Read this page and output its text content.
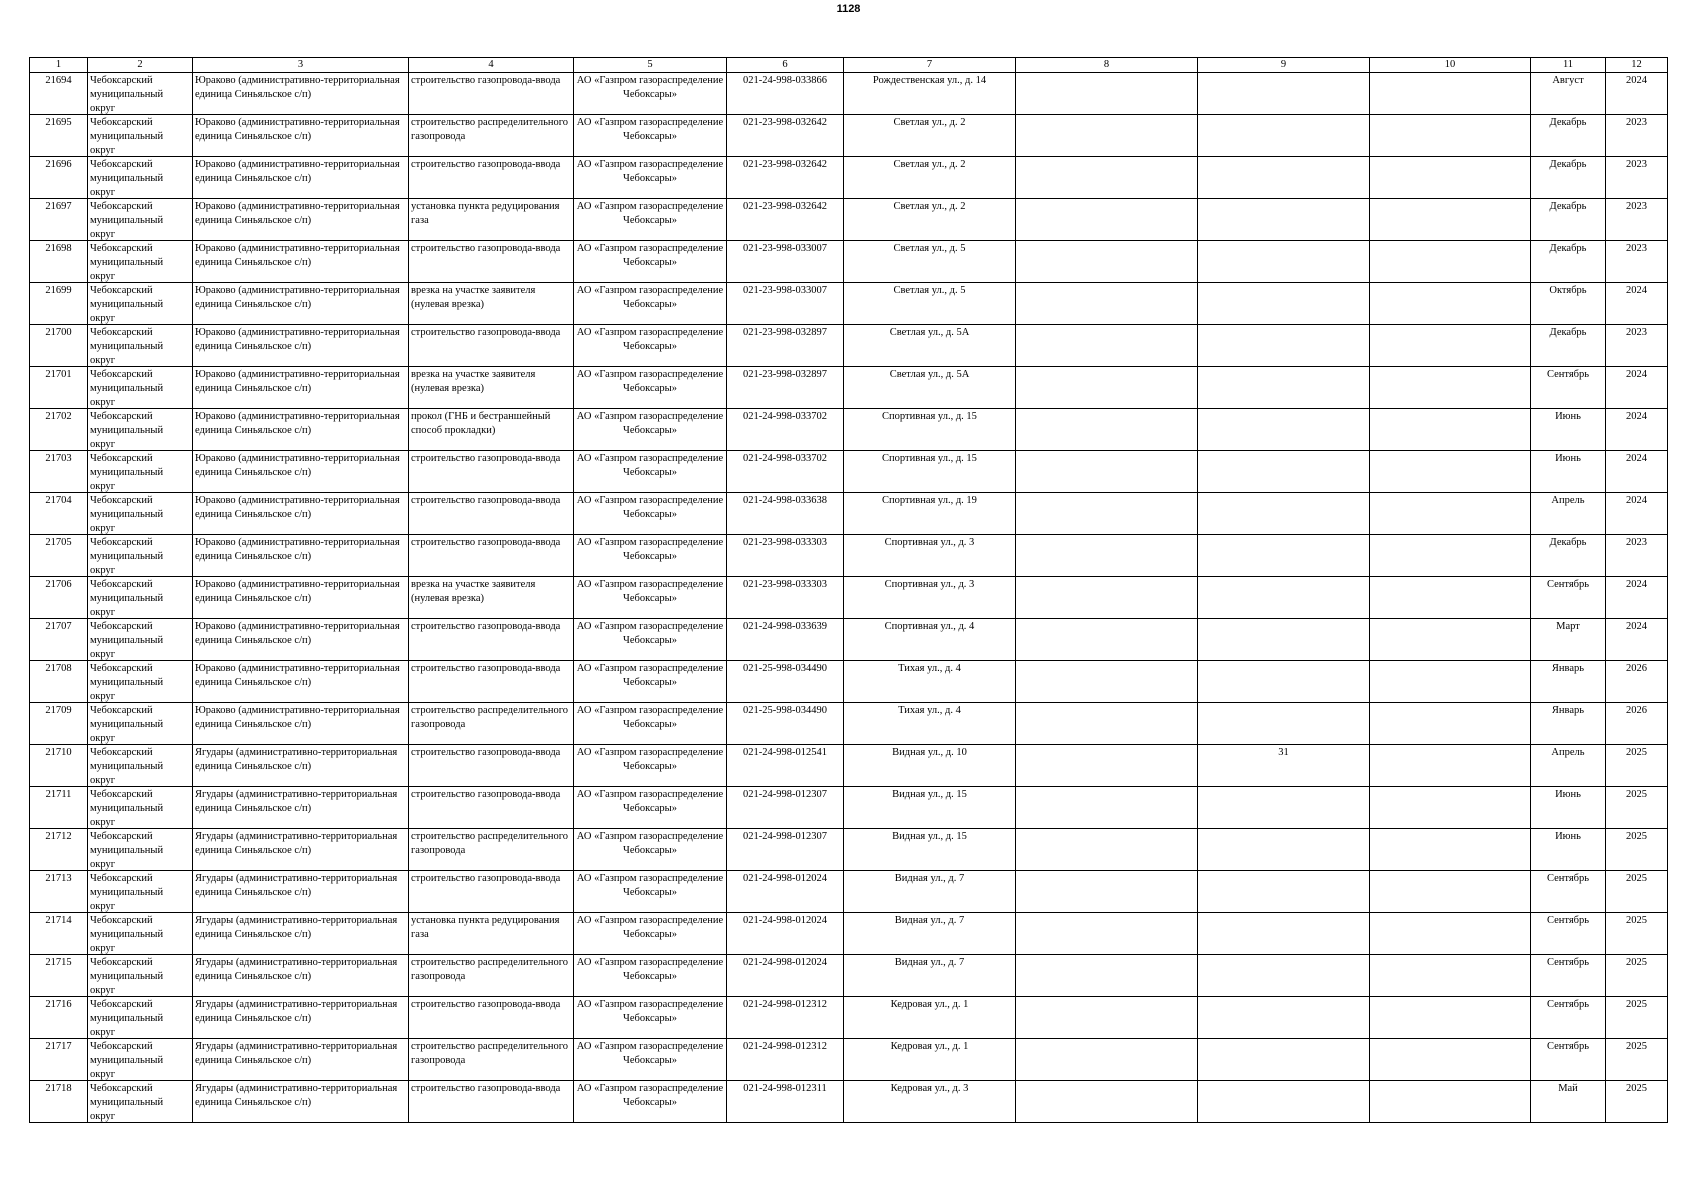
1128
1	2	3	4	5	6	7	8	9	10	11	12

21694	Чебоксарский муниципальный округ	Юраково (административно-территориальная единица Синьяльское с/п)	строительство газопровода-ввода	АО «Газпром газораспределение Чебоксары»	021-24-998-033866	Рождественская ул., д. 14				Август	2024

21695	Чебоксарский муниципальный округ	Юраково (административно-территориальная единица Синьяльское с/п)	строительство распределительного газопровода	АО «Газпром газораспределение Чебоксары»	021-23-998-032642	Светлая ул., д. 2				Декабрь	2023

21696	Чебоксарский муниципальный округ	Юраково (административно-территориальная единица Синьяльское с/п)	строительство газопровода-ввода	АО «Газпром газораспределение Чебоксары»	021-23-998-032642	Светлая ул., д. 2				Декабрь	2023

21697	Чебоксарский муниципальный округ	Юраково (административно-территориальная единица Синьяльское с/п)	установка пункта редуцирования газа	АО «Газпром газораспределение Чебоксары»	021-23-998-032642	Светлая ул., д. 2				Декабрь	2023

21698	Чебоксарский муниципальный округ	Юраково (административно-территориальная единица Синьяльское с/п)	строительство газопровода-ввода	АО «Газпром газораспределение Чебоксары»	021-23-998-033007	Светлая ул., д. 5				Декабрь	2023

21699	Чебоксарский муниципальный округ	Юраково (административно-территориальная единица Синьяльское с/п)	врезка на участке заявителя (нулевая врезка)	АО «Газпром газораспределение Чебоксары»	021-23-998-033007	Светлая ул., д. 5				Октябрь	2024

21700	Чебоксарский муниципальный округ	Юраково (административно-территориальная единица Синьяльское с/п)	строительство газопровода-ввода	АО «Газпром газораспределение Чебоксары»	021-23-998-032897	Светлая ул., д. 5А				Декабрь	2023

21701	Чебоксарский муниципальный округ	Юраково (административно-территориальная единица Синьяльское с/п)	врезка на участке заявителя (нулевая врезка)	АО «Газпром газораспределение Чебоксары»	021-23-998-032897	Светлая ул., д. 5А				Сентябрь	2024

21702	Чебоксарский муниципальный округ	Юраково (административно-территориальная единица Синьяльское с/п)	прокол (ГНБ и бестраншейный способ прокладки)	АО «Газпром газораспределение Чебоксары»	021-24-998-033702	Спортивная ул., д. 15				Июнь	2024

21703	Чебоксарский муниципальный округ	Юраково (административно-территориальная единица Синьяльское с/п)	строительство газопровода-ввода	АО «Газпром газораспределение Чебоксары»	021-24-998-033702	Спортивная ул., д. 15				Июнь	2024

21704	Чебоксарский муниципальный округ	Юраково (административно-территориальная единица Синьяльское с/п)	строительство газопровода-ввода	АО «Газпром газораспределение Чебоксары»	021-24-998-033638	Спортивная ул., д. 19				Апрель	2024

21705	Чебоксарский муниципальный округ	Юраково (административно-территориальная единица Синьяльское с/п)	строительство газопровода-ввода	АО «Газпром газораспределение Чебоксары»	021-23-998-033303	Спортивная ул., д. 3				Декабрь	2023

21706	Чебоксарский муниципальный округ	Юраково (административно-территориальная единица Синьяльское с/п)	врезка на участке заявителя (нулевая врезка)	АО «Газпром газораспределение Чебоксары»	021-23-998-033303	Спортивная ул., д. 3				Сентябрь	2024

21707	Чебоксарский муниципальный округ	Юраково (административно-территориальная единица Синьяльское с/п)	строительство газопровода-ввода	АО «Газпром газораспределение Чебоксары»	021-24-998-033639	Спортивная ул., д. 4				Март	2024

21708	Чебоксарский муниципальный округ	Юраково (административно-территориальная единица Синьяльское с/п)	строительство газопровода-ввода	АО «Газпром газораспределение Чебоксары»	021-25-998-034490	Тихая ул., д. 4				Январь	2026

21709	Чебоксарский муниципальный округ	Юраково (административно-территориальная единица Синьяльское с/п)	строительство распределительного газопровода	АО «Газпром газораспределение Чебоксары»	021-25-998-034490	Тихая ул., д. 4				Январь	2026

21710	Чебоксарский муниципальный округ	Ягудары (административно-территориальная единица Синьяльское с/п)	строительство газопровода-ввода	АО «Газпром газораспределение Чебоксары»	021-24-998-012541	Видная ул., д. 10		31		Апрель	2025

21711	Чебоксарский муниципальный округ	Ягудары (административно-территориальная единица Синьяльское с/п)	строительство газопровода-ввода	АО «Газпром газораспределение Чебоксары»	021-24-998-012307	Видная ул., д. 15				Июнь	2025

21712	Чебоксарский муниципальный округ	Ягудары (административно-территориальная единица Синьяльское с/п)	строительство распределительного газопровода	АО «Газпром газораспределение Чебоксары»	021-24-998-012307	Видная ул., д. 15				Июнь	2025

21713	Чебоксарский муниципальный округ	Ягудары (административно-территориальная единица Синьяльское с/п)	строительство газопровода-ввода	АО «Газпром газораспределение Чебоксары»	021-24-998-012024	Видная ул., д. 7				Сентябрь	2025

21714	Чебоксарский муниципальный округ	Ягудары (административно-территориальная единица Синьяльское с/п)	установка пункта редуцирования газа	АО «Газпром газораспределение Чебоксары»	021-24-998-012024	Видная ул., д. 7				Сентябрь	2025

21715	Чебоксарский муниципальный округ	Ягудары (административно-территориальная единица Синьяльское с/п)	строительство распределительного газопровода	АО «Газпром газораспределение Чебоксары»	021-24-998-012024	Видная ул., д. 7				Сентябрь	2025

21716	Чебоксарский муниципальный округ	Ягудары (административно-территориальная единица Синьяльское с/п)	строительство газопровода-ввода	АО «Газпром газораспределение Чебоксары»	021-24-998-012312	Кедровая ул., д. 1				Сентябрь	2025

21717	Чебоксарский муниципальный округ	Ягудары (административно-территориальная единица Синьяльское с/п)	строительство распределительного газопровода	АО «Газпром газораспределение Чебоксары»	021-24-998-012312	Кедровая ул., д. 1				Сентябрь	2025

21718	Чебоксарский муниципальный округ	Ягудары (административно-территориальная единица Синьяльское с/п)	строительство газопровода-ввода	АО «Газпром газораспределение Чебоксары»	021-24-998-012311	Кедровая ул., д. 3				Май	2025
